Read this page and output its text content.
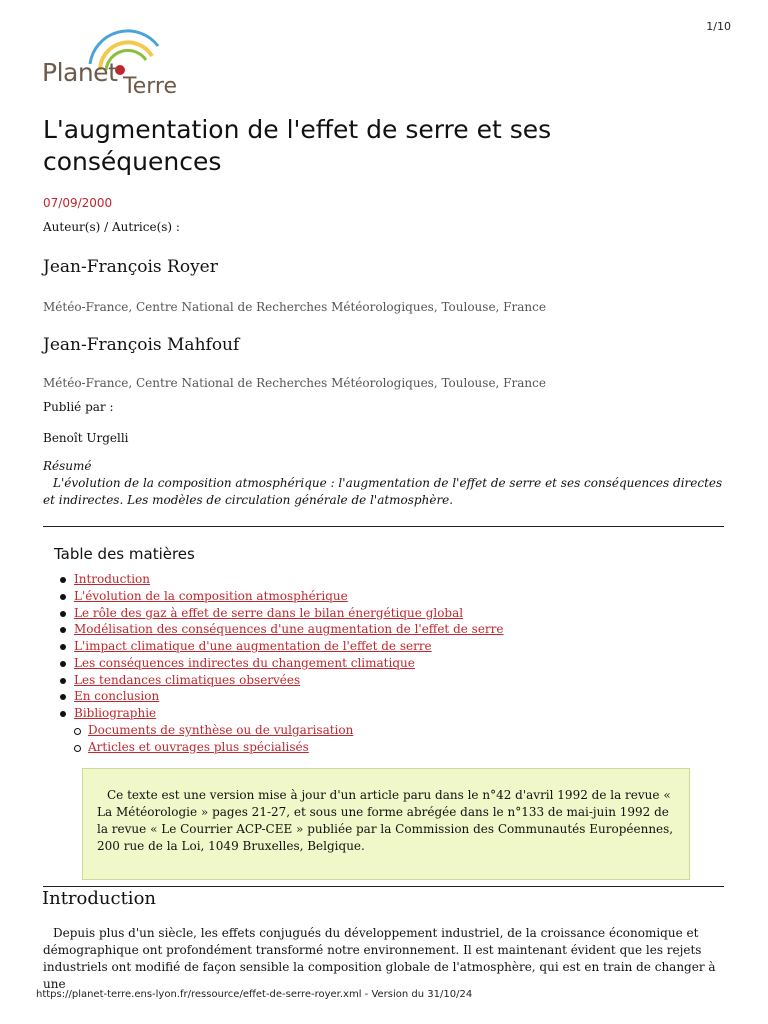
1/10
Planet Terre
L'augmentation de l'effet de serre et ses conséquences
07/09/2000
Auteur(s) / Autrice(s) :
Jean-François Royer
Météo-France, Centre National de Recherches Météorologiques, Toulouse, France
Jean-François Mahfouf
Météo-France, Centre National de Recherches Météorologiques, Toulouse, France
Publié par :
Benoît Urgelli
Résumé
L'évolution de la composition atmosphérique : l'augmentation de l'effet de serre et ses conséquences directes et indirectes. Les modèles de circulation générale de l'atmosphère.
Table des matières
Introduction
L'évolution de la composition atmosphérique
Le rôle des gaz à effet de serre dans le bilan énergétique global
Modélisation des conséquences d'une augmentation de l'effet de serre
L'impact climatique d'une augmentation de l'effet de serre
Les conséquences indirectes du changement climatique
Les tendances climatiques observées
En conclusion
Bibliographie
Documents de synthèse ou de vulgarisation
Articles et ouvrages plus spécialisés

Ce texte est une version mise à jour d'un article paru dans le n°42 d'avril 1992 de la revue « La Météorologie » pages 21-27, et sous une forme abrégée dans le n°133 de mai-juin 1992 de la revue « Le Courrier ACP-CEE » publiée par la Commission des Communautés Européennes, 200 rue de la Loi, 1049 Bruxelles, Belgique.

Introduction
Depuis plus d'un siècle, les effets conjugués du développement industriel, de la croissance économique et démographique ont profondément transformé notre environnement. Il est maintenant évident que les rejets industriels ont modifié de façon sensible la composition globale de l'atmosphère, qui est en train de changer à une
https://planet-terre.ens-lyon.fr/ressource/effet-de-serre-royer.xml - Version du 31/10/24
